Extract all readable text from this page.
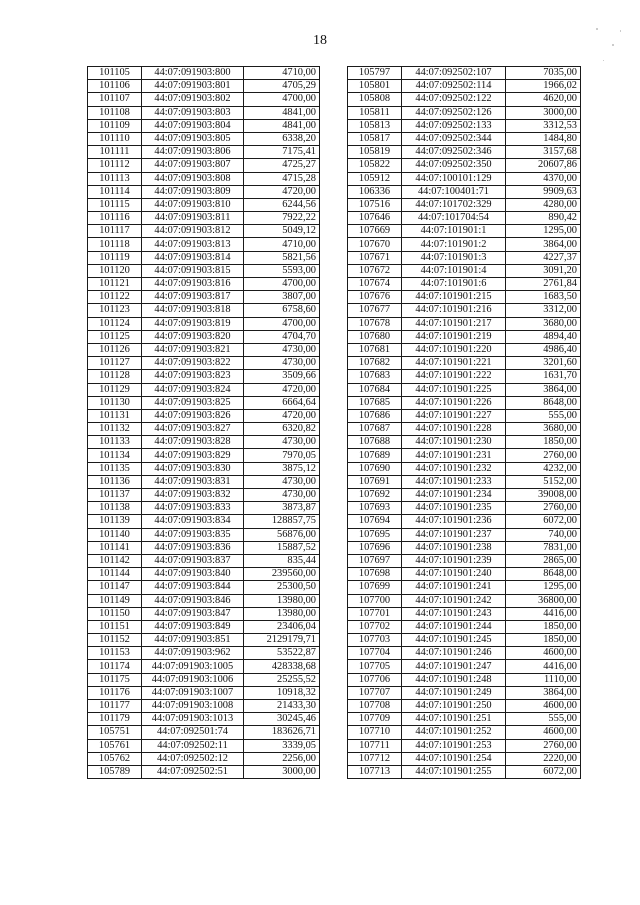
18
101105	44:07:091903:800	4710,00
101106	44:07:091903:801	4705,29
101107	44:07:091903:802	4700,00
101108	44:07:091903:803	4841,00
101109	44:07:091903:804	4841,00
101110	44:07:091903:805	6338,20
101111	44:07:091903:806	7175,41
101112	44:07:091903:807	4725,27
101113	44:07:091903:808	4715,28
101114	44:07:091903:809	4720,00
101115	44:07:091903:810	6244,56
101116	44:07:091903:811	7922,22
101117	44:07:091903:812	5049,12
101118	44:07:091903:813	4710,00
101119	44:07:091903:814	5821,56
101120	44:07:091903:815	5593,00
101121	44:07:091903:816	4700,00
101122	44:07:091903:817	3807,00
101123	44:07:091903:818	6758,60
101124	44:07:091903:819	4700,00
101125	44:07:091903:820	4704,70
101126	44:07:091903:821	4730,00
101127	44:07:091903:822	4730,00
101128	44:07:091903:823	3509,66
101129	44:07:091903:824	4720,00
101130	44:07:091903:825	6664,64
101131	44:07:091903:826	4720,00
101132	44:07:091903:827	6320,82
101133	44:07:091903:828	4730,00
101134	44:07:091903:829	7970,05
101135	44:07:091903:830	3875,12
101136	44:07:091903:831	4730,00
101137	44:07:091903:832	4730,00
101138	44:07:091903:833	3873,87
101139	44:07:091903:834	128857,75
101140	44:07:091903:835	56876,00
101141	44:07:091903:836	15887,52
101142	44:07:091903:837	835,44
101144	44:07:091903:840	239560,00
101147	44:07:091903:844	25300,50
101149	44:07:091903:846	13980,00
101150	44:07:091903:847	13980,00
101151	44:07:091903:849	23406,04
101152	44:07:091903:851	2129179,71
101153	44:07:091903:962	53522,87
101174	44:07:091903:1005	428338,68
101175	44:07:091903:1006	25255,52
101176	44:07:091903:1007	10918,32
101177	44:07:091903:1008	21433,30
101179	44:07:091903:1013	30245,46
105751	44:07:092501:74	183626,71
105761	44:07:092502:11	3339,05
105762	44:07:092502:12	2256,00
105789	44:07:092502:51	3000,00
105797	44:07:092502:107	7035,00
105801	44:07:092502:114	1966,02
105808	44:07:092502:122	4620,00
105811	44:07:092502:126	3000,00
105813	44:07:092502:133	3312,53
105817	44:07:092502:344	1484,80
105819	44:07:092502:346	3157,68
105822	44:07:092502:350	20607,86
105912	44:07:100101:129	4370,00
106336	44:07:100401:71	9909,63
107516	44:07:101702:329	4280,00
107646	44:07:101704:54	890,42
107669	44:07:101901:1	1295,00
107670	44:07:101901:2	3864,00
107671	44:07:101901:3	4227,37
107672	44:07:101901:4	3091,20
107674	44:07:101901:6	2761,84
107676	44:07:101901:215	1683,50
107677	44:07:101901:216	3312,00
107678	44:07:101901:217	3680,00
107680	44:07:101901:219	4894,40
107681	44:07:101901:220	4986,40
107682	44:07:101901:221	3201,60
107683	44:07:101901:222	1631,70
107684	44:07:101901:225	3864,00
107685	44:07:101901:226	8648,00
107686	44:07:101901:227	555,00
107687	44:07:101901:228	3680,00
107688	44:07:101901:230	1850,00
107689	44:07:101901:231	2760,00
107690	44:07:101901:232	4232,00
107691	44:07:101901:233	5152,00
107692	44:07:101901:234	39008,00
107693	44:07:101901:235	2760,00
107694	44:07:101901:236	6072,00
107695	44:07:101901:237	740,00
107696	44:07:101901:238	7831,00
107697	44:07:101901:239	2865,00
107698	44:07:101901:240	8648,00
107699	44:07:101901:241	1295,00
107700	44:07:101901:242	36800,00
107701	44:07:101901:243	4416,00
107702	44:07:101901:244	1850,00
107703	44:07:101901:245	1850,00
107704	44:07:101901:246	4600,00
107705	44:07:101901:247	4416,00
107706	44:07:101901:248	1110,00
107707	44:07:101901:249	3864,00
107708	44:07:101901:250	4600,00
107709	44:07:101901:251	555,00
107710	44:07:101901:252	4600,00
107711	44:07:101901:253	2760,00
107712	44:07:101901:254	2220,00
107713	44:07:101901:255	6072,00
